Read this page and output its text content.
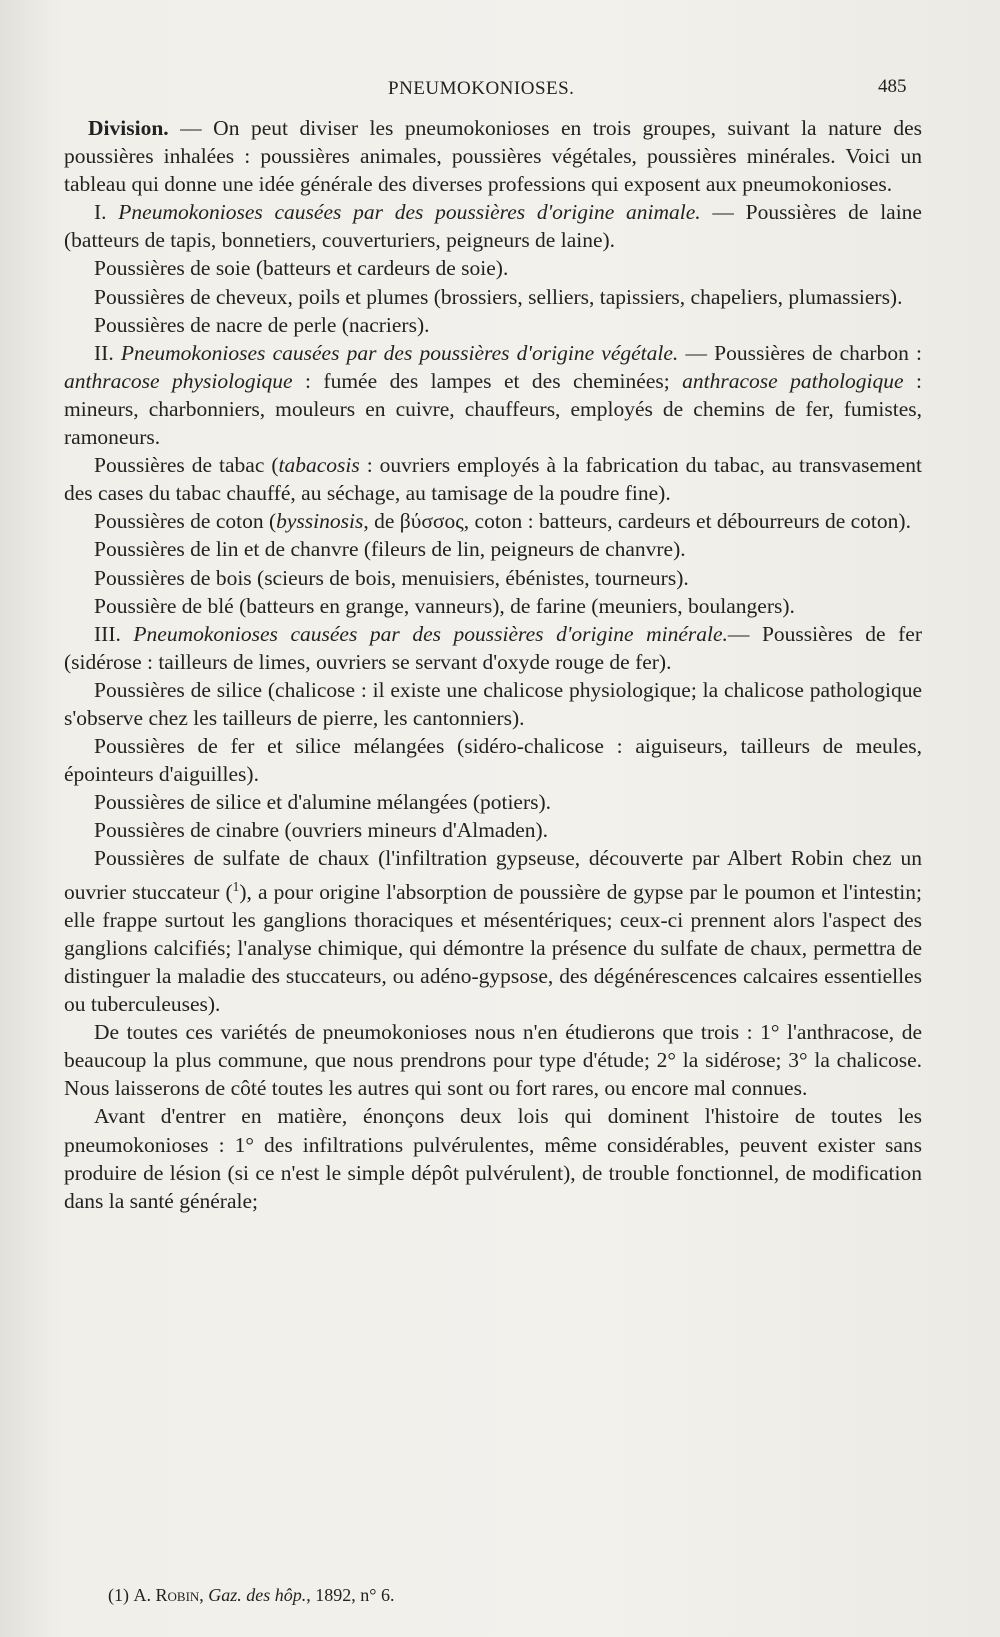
PNEUMOKONIOSES.	485

Division. — On peut diviser les pneumokonioses en trois groupes, suivant la nature des poussières inhalées : poussières animales, poussières végétales, poussières minérales. Voici un tableau qui donne une idée générale des diverses professions qui exposent aux pneumokonioses.

I. Pneumokonioses causées par des poussières d'origine animale. — Poussières de laine (batteurs de tapis, bonnetiers, couverturiers, peigneurs de laine).

Poussières de soie (batteurs et cardeurs de soie).

Poussières de cheveux, poils et plumes (brossiers, selliers, tapissiers, chapeliers, plumassiers).

Poussières de nacre de perle (nacriers).

II. Pneumokonioses causées par des poussières d'origine végétale. — Poussières de charbon : anthracose physiologique : fumée des lampes et des cheminées; anthracose pathologique : mineurs, charbonniers, mouleurs en cuivre, chauffeurs, employés de chemins de fer, fumistes, ramoneurs.

Poussières de tabac (tabacosis : ouvriers employés à la fabrication du tabac, au transvasement des cases du tabac chauffé, au séchage, au tamisage de la poudre fine).

Poussières de coton (byssinosis, de βύσσος, coton : batteurs, cardeurs et débourreurs de coton).

Poussières de lin et de chanvre (fileurs de lin, peigneurs de chanvre).

Poussières de bois (scieurs de bois, menuisiers, ébénistes, tourneurs).

Poussière de blé (batteurs en grange, vanneurs), de farine (meuniers, boulangers).

III. Pneumokonioses causées par des poussières d'origine minérale.— Poussières de fer (sidérose : tailleurs de limes, ouvriers se servant d'oxyde rouge de fer).

Poussières de silice (chalicose : il existe une chalicose physiologique; la chalicose pathologique s'observe chez les tailleurs de pierre, les cantonniers).

Poussières de fer et silice mélangées (sidéro-chalicose : aiguiseurs, tailleurs de meules, épointeurs d'aiguilles).

Poussières de silice et d'alumine mélangées (potiers).

Poussières de cinabre (ouvriers mineurs d'Almaden).

Poussières de sulfate de chaux (l'infiltration gypseuse, découverte par Albert Robin chez un ouvrier stuccateur ($^1$), a pour origine l'absorption de poussière de gypse par le poumon et l'intestin; elle frappe surtout les ganglions thoraciques et mésentériques; ceux-ci prennent alors l'aspect des ganglions calcifiés; l'analyse chimique, qui démontre la présence du sulfate de chaux, permettra de distinguer la maladie des stuccateurs, ou adéno-gypsose, des dégénérescences calcaires essentielles ou tuberculeuses).

De toutes ces variétés de pneumokonioses nous n'en étudierons que trois : 1° l'anthracose, de beaucoup la plus commune, que nous prendrons pour type d'étude; 2° la sidérose; 3° la chalicose. Nous laisserons de côté toutes les autres qui sont ou fort rares, ou encore mal connues.

Avant d'entrer en matière, énonçons deux lois qui dominent l'histoire de toutes les pneumokonioses : 1° des infiltrations pulvérulentes, même considérables, peuvent exister sans produire de lésion (si ce n'est le simple dépôt pulvérulent), de trouble fonctionnel, de modification dans la santé générale;

(1) A. Robin, Gaz. des hôp., 1892, n° 6.
